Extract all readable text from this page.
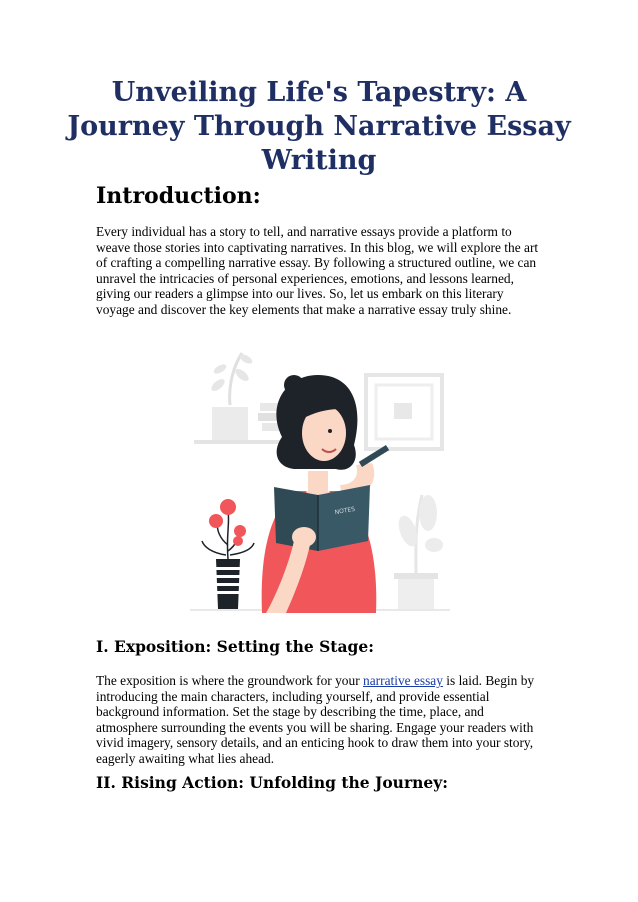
Unveiling Life's Tapestry: A Journey Through Narrative Essay Writing
Introduction:

Every individual has a story to tell, and narrative essays provide a platform to weave those stories into captivating narratives. In this blog, we will explore the art of crafting a compelling narrative essay. By following a structured outline, we can unravel the intricacies of personal experiences, emotions, and lessons learned, giving our readers a glimpse into our lives. So, let us embark on this literary voyage and discover the key elements that make a narrative essay truly shine.

NOTES
I. Exposition: Setting the Stage:

The exposition is where the groundwork for your narrative essay is laid. Begin by introducing the main characters, including yourself, and provide essential background information. Set the stage by describing the time, place, and atmosphere surrounding the events you will be sharing. Engage your readers with vivid imagery, sensory details, and an enticing hook to draw them into your story, eagerly awaiting what lies ahead.

II. Rising Action: Unfolding the Journey:
